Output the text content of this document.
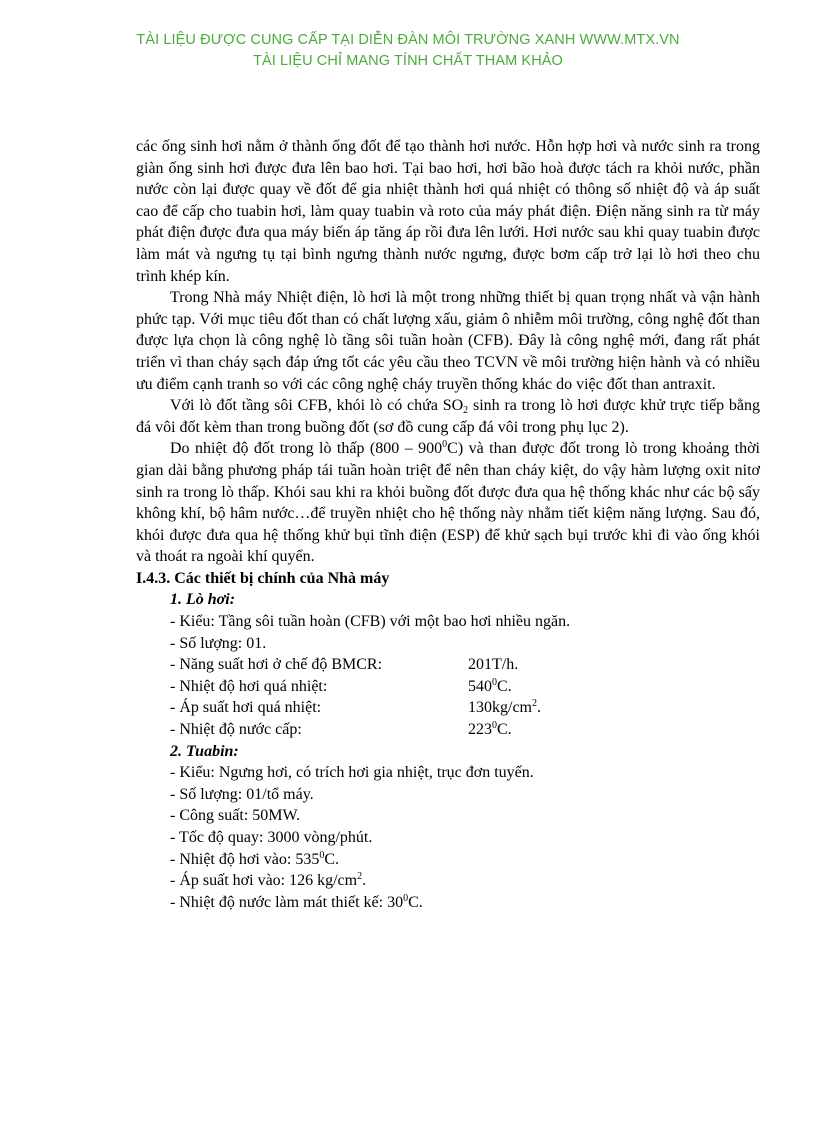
TÀI LIỆU ĐƯỢC CUNG CẤP TẠI DIỄN ĐÀN MÔI TRƯỜNG XANH WWW.MTX.VN
TÀI LIỆU CHỈ MANG TÍNH CHẤT THAM KHẢO

các ống sinh hơi nằm ở thành ống đốt để tạo thành hơi nước. Hỗn hợp hơi và nước sinh ra trong giàn ống sinh hơi được đưa lên bao hơi. Tại bao hơi, hơi bão hoà được tách ra khỏi nước, phần nước còn lại được quay về đốt để gia nhiệt thành hơi quá nhiệt có thông số nhiệt độ và áp suất cao để cấp cho tuabin hơi, làm quay tuabin và roto của máy phát điện. Điện năng sinh ra từ máy phát điện được đưa qua máy biến áp tăng áp rồi đưa lên lưới. Hơi nước sau khi quay tuabin được làm mát và ngưng tụ tại bình ngưng thành nước ngưng, được bơm cấp trở lại lò hơi theo chu trình khép kín.

Trong Nhà máy Nhiệt điện, lò hơi là một trong những thiết bị quan trọng nhất và vận hành phức tạp. Với mục tiêu đốt than có chất lượng xấu, giảm ô nhiễm môi trường, công nghệ đốt than được lựa chọn là công nghệ lò tầng sôi tuần hoàn (CFB). Đây là công nghệ mới, đang rất phát triển vì than cháy sạch đáp ứng tốt các yêu cầu theo TCVN về môi trường hiện hành và có nhiều ưu điểm cạnh tranh so với các công nghệ cháy truyền thống khác do việc đốt than antraxit.

Với lò đốt tầng sôi CFB, khói lò có chứa $SO_2$ sinh ra trong lò hơi được khử trực tiếp bằng đá vôi đốt kèm than trong buồng đốt (sơ đồ cung cấp đá vôi trong phụ lục 2).

Do nhiệt độ đốt trong lò thấp $(800 - 900^0C)$ và than được đốt trong lò trong khoảng thời gian dài bằng phương pháp tái tuần hoàn triệt để nên than cháy kiệt, do vậy hàm lượng oxit nitơ sinh ra trong lò thấp. Khói sau khi ra khỏi buồng đốt được đưa qua hệ thống khác như các bộ sấy không khí, bộ hâm nước…để truyền nhiệt cho hệ thống này nhằm tiết kiệm năng lượng. Sau đó, khói được đưa qua hệ thống khử bụi tĩnh điện (ESP) để khử sạch bụi trước khi đi vào ống khói và thoát ra ngoài khí quyển.

I.4.3. Các thiết bị chính của Nhà máy

1. Lò hơi:

- Kiểu: Tầng sôi tuần hoàn (CFB) với một bao hơi nhiều ngăn.

- Số lượng: 01.

- Năng suất hơi ở chế độ BMCR:	201T/h.
- Nhiệt độ hơi quá nhiệt:	$540^0C$.
- Áp suất hơi quá nhiệt:	$130kg/cm^2$.
- Nhiệt độ nước cấp:	$223^0C$.

2. Tuabin:

- Kiểu: Ngưng hơi, có trích hơi gia nhiệt, trục đơn tuyến.

- Số lượng: 01/tổ máy.

- Công suất: 50MW.

- Tốc độ quay: 3000 vòng/phút.

- Nhiệt độ hơi vào: $535^0C$.

- Áp suất hơi vào: 126 $kg/cm^2$.

- Nhiệt độ nước làm mát thiết kế: $30^0C$.
